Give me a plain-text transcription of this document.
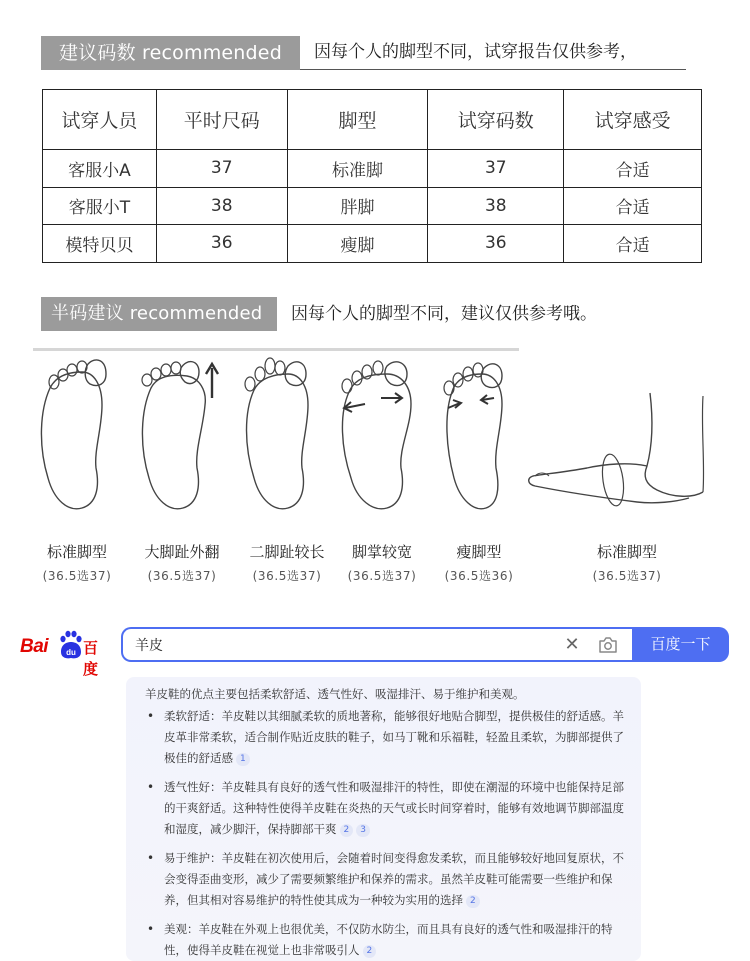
建议码数 recommended	因每个人的脚型不同，试穿报告仅供参考，
试穿人员	平时尺码	脚型	试穿码数	试穿感受
客服小A	37	标准脚	37	合适
客服小T	38	胖脚	38	合适
模特贝贝	36	瘦脚	36	合适
半码建议 recommended	因每个人的脚型不同，建议仅供参考哦。
标准脚型
(36.5选37)
大脚趾外翻
(36.5选37)
二脚趾较长
(36.5选37)
脚掌较宽
(36.5选37)
瘦脚型
(36.5选36)
标准脚型
(36.5选37)
Bai du 百度
羊皮
✕	百度一下
羊皮鞋的优点主要包括柔软舒适、透气性好、吸湿排汗、易于维护和美观。
• 柔软舒适：羊皮鞋以其细腻柔软的质地著称，能够很好地贴合脚型，提供极佳的舒适感。羊皮革非常柔软，适合制作贴近皮肤的鞋子，如马丁靴和乐福鞋，轻盈且柔软，为脚部提供了极佳的舒适感 1
• 透气性好：羊皮鞋具有良好的透气性和吸湿排汗的特性，即使在潮湿的环境中也能保持足部的干爽舒适。这种特性使得羊皮鞋在炎热的天气或长时间穿着时，能够有效地调节脚部温度和湿度，减少脚汗，保持脚部干爽 2 3
• 易于维护：羊皮鞋在初次使用后，会随着时间变得愈发柔软，而且能够较好地回复原状，不会变得歪曲变形，减少了需要频繁维护和保养的需求。虽然羊皮鞋可能需要一些维护和保养，但其相对容易维护的特性使其成为一种较为实用的选择 2
• 美观：羊皮鞋在外观上也很优美，不仅防水防尘，而且具有良好的透气性和吸湿排汗的特性，使得羊皮鞋在视觉上也非常吸引人 2
